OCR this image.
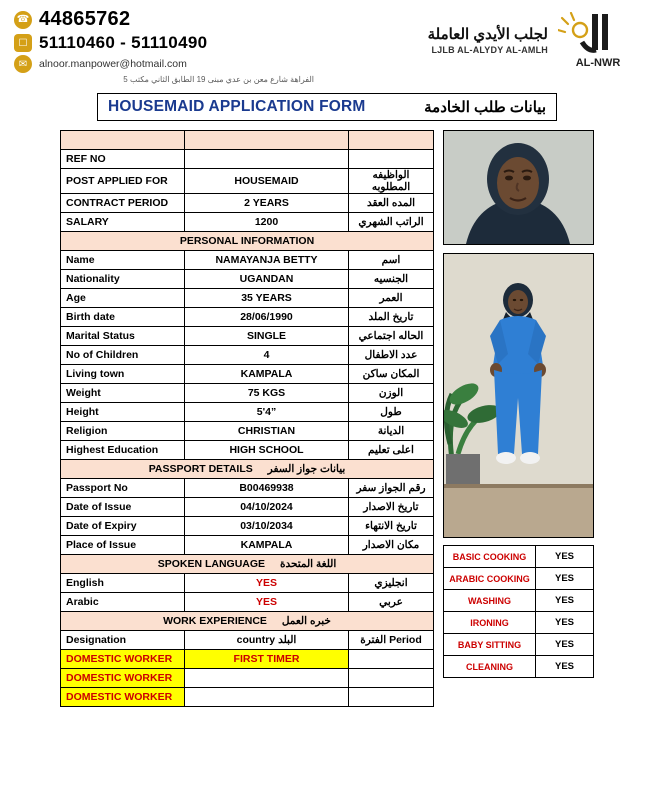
☎ 44865762
☐ 51110460 - 51110490
✉	alnoor.manpower@hotmail.com
الفراهة شارع معن بن عدي مبنى 19 الطابق الثاني مكتب 5
لجلب الأيدي العاملة
LJLB AL-ALYDY AL-AMLH
AL-NWR
HOUSEMAID APPLICATION FORM	بيانات طلب الخادمة

REF NO		
POST APPLIED FOR	HOUSEMAID	الواظيفه المطلوبه
CONTRACT PERIOD	2 YEARS	المده العقد
SALARY	1200	الراتب الشهري
PERSONAL INFORMATION		
Name	NAMAYANJA BETTY	اسم
Nationality	UGANDAN	الجنسيه
Age	35 YEARS	العمر
Birth date	28/06/1990	تاريخ الملد
Marital Status	SINGLE	الحاله اجتماعي
No of Children	4	عدد الاطفال
Living town	KAMPALA	المكان ساكن
Weight	75 KGS	الوزن
Height	5'4”	طول
Religion	CHRISTIAN	الديانة
Highest Education	HIGH SCHOOL	اعلى تعليم
PASSPORT DETAILS بيانات جواز السفر		
Passport No	B00469938	رقم الجواز سفر
Date of Issue	04/10/2024	تاريخ الاصدار
Date of Expiry	03/10/2034	تاريخ الانتهاء
Place of Issue	KAMPALA	مكان الاصدار
SPOKEN LANGUAGE اللغة المتحدة		
English	YES	انجليزي
Arabic	YES	عربي
WORK EXPERIENCE خبره العمل		
Designation	country البلد	Period الفترة
DOMESTIC WORKER	FIRST TIMER	
DOMESTIC WORKER		
DOMESTIC WORKER		
BASIC COOKING	YES
ARABIC COOKING	YES
WASHING	YES
IRONING	YES
BABY SITTING	YES
CLEANING	YES
